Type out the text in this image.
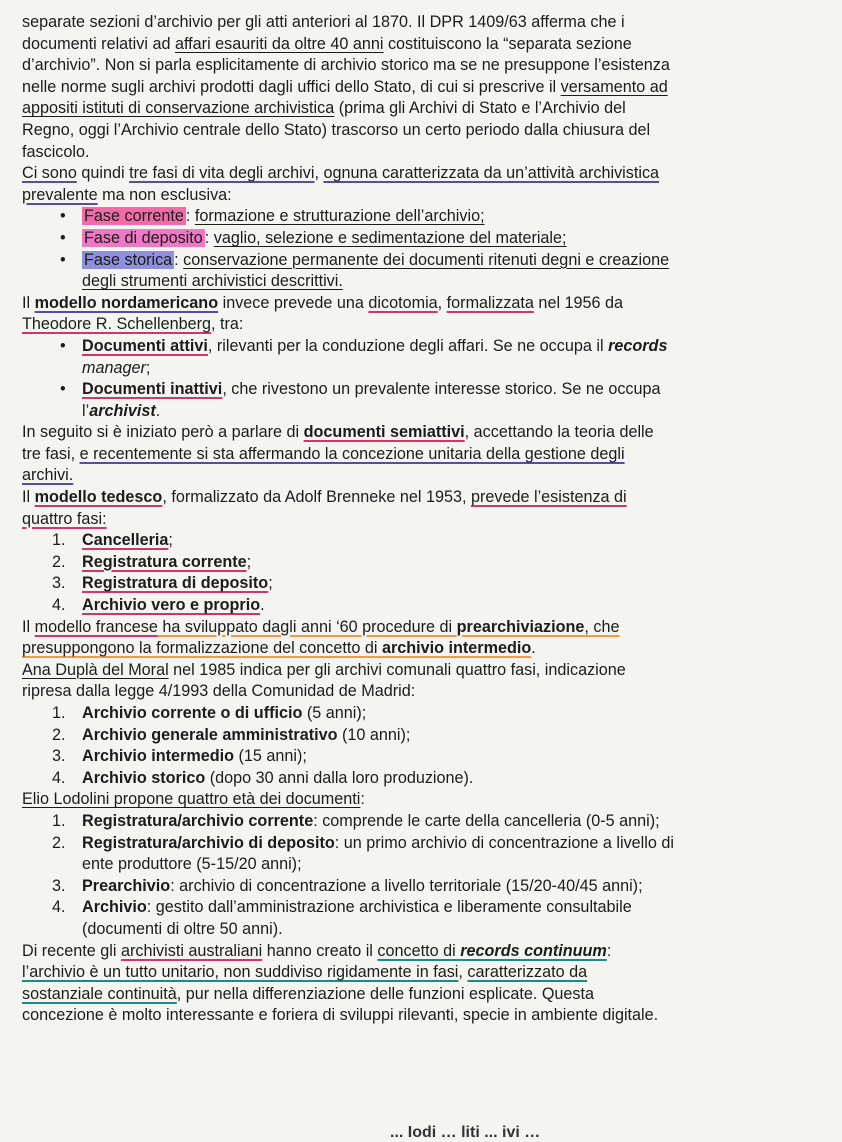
separate sezioni d’archivio per gli atti anteriori al 1870. Il DPR 1409/63 afferma che i
documenti relativi ad affari esauriti da oltre 40 anni costituiscono la “separata sezione
d’archivio”. Non si parla esplicitamente di archivio storico ma se ne presuppone l’esistenza
nelle norme sugli archivi prodotti dagli uffici dello Stato, di cui si prescrive il versamento ad
appositi istituti di conservazione archivistica (prima gli Archivi di Stato e l’Archivio del
Regno, oggi l’Archivio centrale dello Stato) trascorso un certo periodo dalla chiusura del
fascicolo.
Ci sono quindi tre fasi di vita degli archivi, ognuna caratterizzata da un’attività archivistica
prevalente ma non esclusiva:
• Fase corrente : formazione e strutturazione dell’archivio;
• Fase di deposito : vaglio, selezione e sedimentazione del materiale;
• Fase storica : conservazione permanente dei documenti ritenuti degni e creazione
degli strumenti archivistici descrittivi.
Il modello nordamericano invece prevede una dicotomia, formalizzata nel 1956 da
Theodore R. Schellenberg, tra:
• Documenti attivi, rilevanti per la conduzione degli affari. Se ne occupa il records
manager;
• Documenti inattivi, che rivestono un prevalente interesse storico. Se ne occupa
l’archivist.
In seguito si è iniziato però a parlare di documenti semiattivi, accettando la teoria delle
tre fasi, e recentemente si sta affermando la concezione unitaria della gestione degli
archivi.
Il modello tedesco, formalizzato da Adolf Brenneke nel 1953, prevede l’esistenza di
quattro fasi:
1. Cancelleria;
2. Registratura corrente;
3. Registratura di deposito;
4. Archivio vero e proprio.
Il modello francese ha sviluppato dagli anni ‘60 procedure di prearchiviazione, che
presuppongono la formalizzazione del concetto di archivio intermedio.
Ana Duplà del Moral nel 1985 indica per gli archivi comunali quattro fasi, indicazione
ripresa dalla legge 4/1993 della Comunidad de Madrid:
1. Archivio corrente o di ufficio (5 anni);
2. Archivio generale amministrativo (10 anni);
3. Archivio intermedio (15 anni);
4. Archivio storico (dopo 30 anni dalla loro produzione).
Elio Lodolini propone quattro età dei documenti:
1. Registratura/archivio corrente: comprende le carte della cancelleria (0-5 anni);
2. Registratura/archivio di deposito: un primo archivio di concentrazione a livello di
ente produttore (5-15/20 anni);
3. Prearchivio: archivio di concentrazione a livello territoriale (15/20-40/45 anni);
4. Archivio: gestito dall’amministrazione archivistica e liberamente consultabile
(documenti di oltre 50 anni).
Di recente gli archivisti australiani hanno creato il concetto di records continuum:
l’archivio è un tutto unitario, non suddiviso rigidamente in fasi, caratterizzato da
sostanziale continuità, pur nella differenziazione delle funzioni esplicate. Questa
concezione è molto interessante e foriera di sviluppi rilevanti, specie in ambiente digitale.
... Iodi … liti ... ivi …
